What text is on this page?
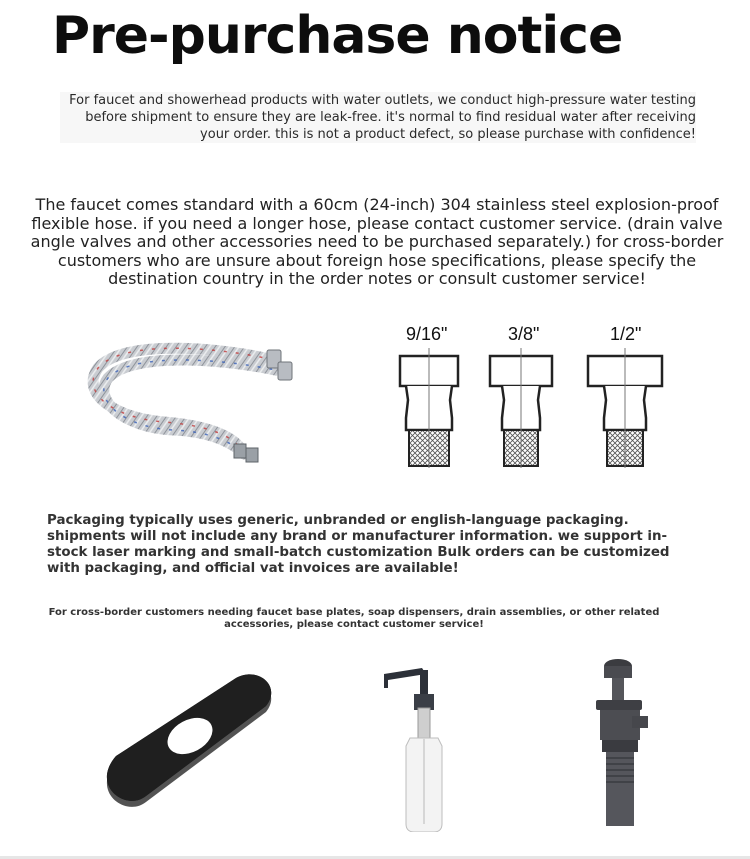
Pre-purchase notice
For faucet and showerhead products with water outlets, we conduct high-pressure water testing before shipment to ensure they are leak-free. it's normal to find residual water after receiving your order. this is not a product defect, so please purchase with confidence!
The faucet comes standard with a 60cm (24-inch) 304 stainless steel explosion-proof flexible hose. if you need a longer hose, please contact customer service. (drain valve angle valves and other accessories need to be purchased separately.) for cross-border customers who are unsure about foreign hose specifications, please specify the destination country in the order notes or consult customer service!
9/16"	3/8"	1/2"
Packaging typically uses generic, unbranded or english-language packaging. shipments will not include any brand or manufacturer information. we support in-stock laser marking and small-batch customization Bulk orders can be customized with packaging, and official vat invoices are available!
For cross-border customers needing faucet base plates, soap dispensers, drain assemblies, or other related accessories, please contact customer service!
